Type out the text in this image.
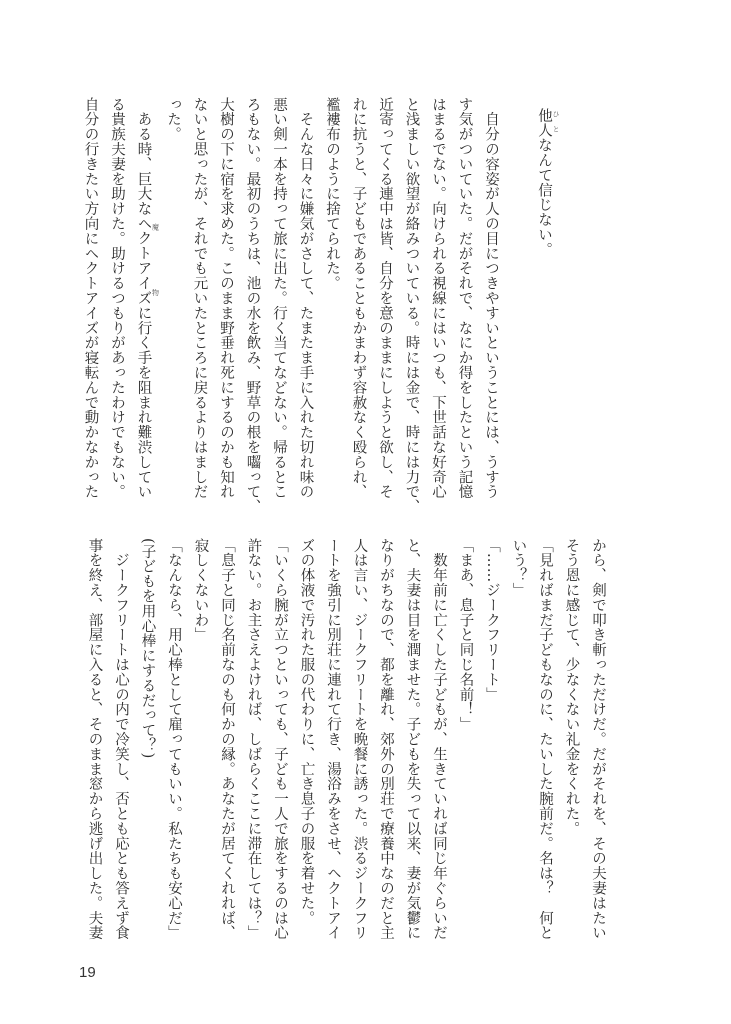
他人 ひとなんて信じない。

　自分の容姿が人の目につきやすいということには、うすう
す気がついていた。だがそれで、なにか得をしたという記憶
はまるでない。向けられる視線にはいつも、下世話な好奇心
と浅ましい欲望が絡みついている。時には金で、時には力で、
近寄ってくる連中は皆、自分を意のままにしようと欲し、そ
れに抗うと、子どもであることもかまわず容赦なく殴られ、
襤褸布のように捨てられた。
　そんな日々に嫌気がさして、たまたま手に入れた切れ味の
悪い剣一本を持って旅に出た。行く当てなどない。帰るとこ
ろもない。最初のうちは、池の水を飲み、野草の根を囓って、
大樹の下に宿を求めた。このまま野垂れ死にするのかも知れ
ないと思ったが、それでも元いたところに戻るよりはましだ
った。
　ある時、巨大なヘクトアイズ 魔物に行く手を阻まれ難渋してい
る貴族夫妻を助けた。助けるつもりがあったわけでもない。
自分の行きたい方向にヘクトアイズが寝転んで動かなかった
から、剣で叩き斬っただけだ。だがそれを、その夫妻はたい
そう恩に感じて、少なくない礼金をくれた。
「見ればまだ子どもなのに、たいした腕前だ。名は？　何と
いう？」
「……ジークフリート」
「まあ、息子と同じ名前！」
　数年前に亡くした子どもが、生きていれば同じ年ぐらいだ
と、夫妻は目を潤ませた。子どもを失って以来、妻が気鬱に
なりがちなので、都を離れ、郊外の別荘で療養中なのだと主
人は言い、ジークフリートを晩餐に誘った。渋るジークフリ
ートを強引に別荘に連れて行き、湯浴みをさせ、ヘクトアイ
ズの体液で汚れた服の代わりに、亡き息子の服を着せた。
「いくら腕が立つといっても、子ども一人で旅をするのは心
許ない。お主さえよければ、しばらくここに滞在しては？」
「息子と同じ名前なのも何かの縁。あなたが居てくれれば、
寂しくないわ」
「なんなら、用心棒として雇ってもいい。私たちも安心だ」
(子どもを用心棒にするだって？)
　ジークフリートは心の内で冷笑し、否とも応とも答えず食
事を終え、部屋に入ると、そのまま窓から逃げ出した。夫妻
19
